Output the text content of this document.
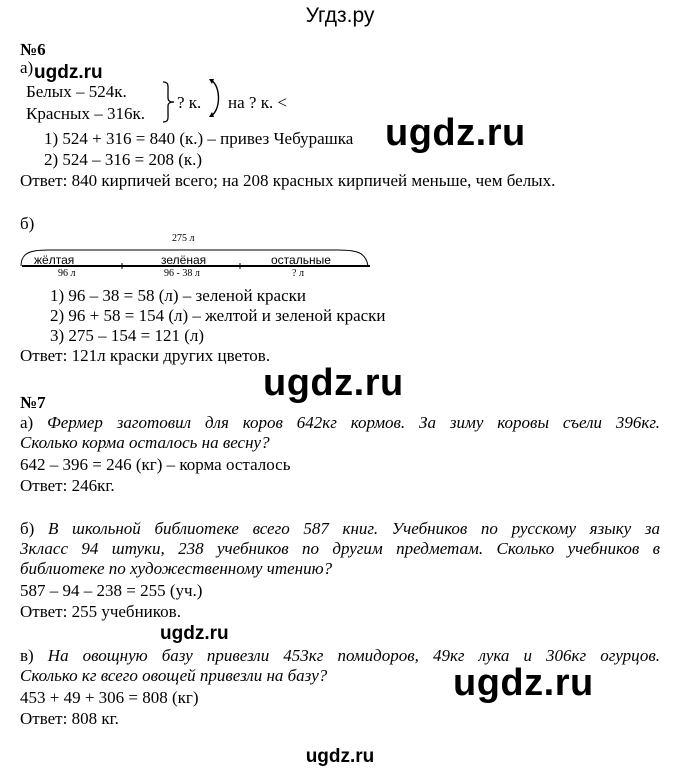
Угдз.ру
№6
а) ugdz.ru
Белых – 524к.
Красных – 316к.
? к. на ? к. <
1) 524 + 316 = 840 (к.) – привез Чебурашка ugdz.ru
2) 524 – 316 = 208 (к.)
Ответ: 840 кирпичей всего; на 208 красных кирпичей меньше, чем белых.
б)
275 л
жёлтая	зелёная	остальные
96 л	96 - 38 л	? л
1) 96 – 38 = 58 (л) – зеленой краски
2) 96 + 58 = 154 (л) – желтой и зеленой краски
3) 275 – 154 = 121 (л)
Ответ: 121л краски других цветов.
ugdz.ru
№7
а) Фермер заготовил для коров 642кг кормов. За зиму коровы съели 396кг.
Сколько корма осталось на весну?
642 – 396 = 246 (кг) – корма осталось
Ответ: 246кг.
б) В школьной библиотеке всего 587 книг. Учебников по русскому языку за
3класс 94 штуки, 238 учебников по другим предметам. Сколько учебников в
библиотеке по художественному чтению?
587 – 94 – 238 = 255 (уч.)
Ответ: 255 учебников.
ugdz.ru
в) На овощную базу привезли 453кг помидоров, 49кг лука и 306кг огурцов.
Сколько кг всего овощей привезли на базу?
453 + 49 + 306 = 808 (кг)
Ответ: 808 кг.
ugdz.ru
ugdz.ru
